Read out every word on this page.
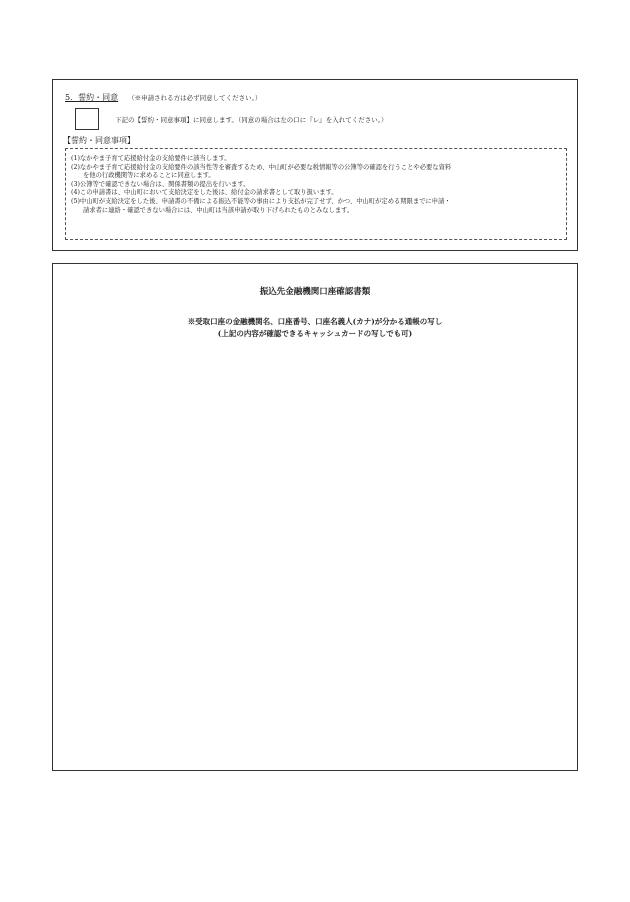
5．誓約・同意 （※申請される方は必ず同意してください。）
下記の【誓約・同意事項】に同意します。（同意の場合は左の口に『レ』を入れてください。）
【誓約・同意事項】
(1)なかやま子育て応援給付金の支給要件に該当します。
(2)なかやま子育て応援給付金の支給要件の該当性等を審査するため、中山町が必要な税情報等の公簿等の確認を行うことや必要な資料
を他の行政機関等に求めることに同意します。
(3)公簿等で確認できない場合は、関係書類の提出を行います。
(4)この申請書は、中山町において支給決定をした後は、給付金の請求書として取り扱います。
(5)中山町が支給決定をした後、申請書の不備による振込不能等の事由により支払が完了せず、かつ、中山町が定める期限までに申請・
請求者に連絡・確認できない場合には、中山町は当該申請が取り下げられたものとみなします。
振込先金融機関口座確認書類
※受取口座の金融機関名、口座番号、口座名義人(カナ)が分かる通帳の写し
(上記の内容が確認できるキャッシュカードの写しでも可)
